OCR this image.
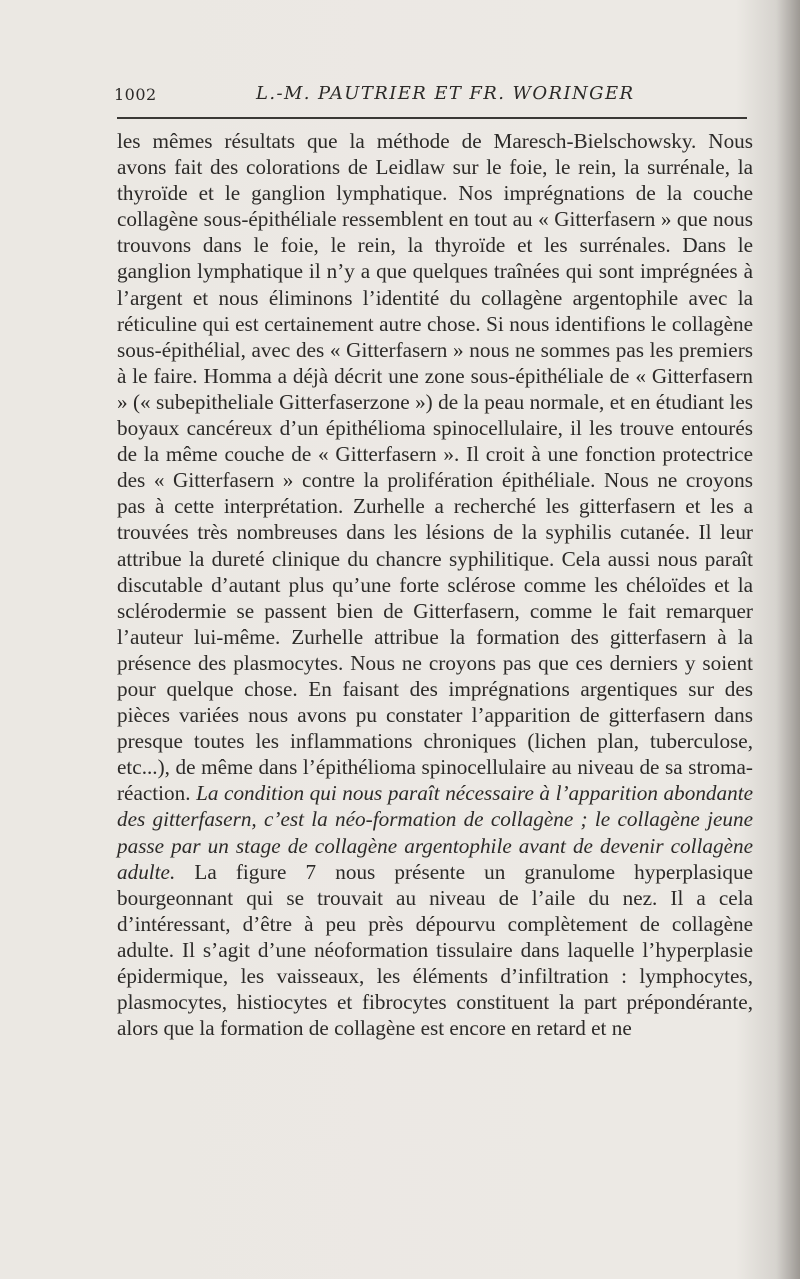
1002	L.-M. PAUTRIER ET FR. WORINGER

les mêmes résultats que la méthode de Maresch-Bielschowsky. Nous avons fait des colorations de Leidlaw sur le foie, le rein, la surrénale, la thyroïde et le ganglion lymphatique. Nos imprégnations de la couche collagène sous-épithéliale ressemblent en tout au « Gitterfasern » que nous trouvons dans le foie, le rein, la thyroïde et les surrénales. Dans le ganglion lymphatique il n’y a que quelques traînées qui sont imprégnées à l’argent et nous éliminons l’identité du collagène argentophile avec la réticuline qui est certainement autre chose. Si nous identifions le collagène sous-épithélial, avec des « Gitterfasern » nous ne sommes pas les premiers à le faire. Homma a déjà décrit une zone sous-épithéliale de « Gitterfasern » (« subepitheliale Gitterfaserzone ») de la peau normale, et en étudiant les boyaux cancéreux d’un épithélioma spinocellulaire, il les trouve entourés de la même couche de « Gitterfasern ». Il croit à une fonction protectrice des « Gitterfasern » contre la prolifération épithéliale. Nous ne croyons pas à cette interprétation. Zurhelle a recherché les gitterfasern et les a trouvées très nombreuses dans les lésions de la syphilis cutanée. Il leur attribue la dureté clinique du chancre syphilitique. Cela aussi nous paraît discutable d’autant plus qu’une forte sclérose comme les chéloïdes et la sclérodermie se passent bien de Gitterfasern, comme le fait remarquer l’auteur lui-même. Zurhelle attribue la formation des gitterfasern à la présence des plasmocytes. Nous ne croyons pas que ces derniers y soient pour quelque chose. En faisant des imprégnations argentiques sur des pièces variées nous avons pu constater l’apparition de gitterfasern dans presque toutes les inflammations chroniques (lichen plan, tuberculose, etc...), de même dans l’épithélioma spinocellulaire au niveau de sa stroma-réaction. La condition qui nous paraît nécessaire à l’apparition abondante des gitterfasern, c’est la néo-formation de collagène ; le collagène jeune passe par un stage de collagène argentophile avant de devenir collagène adulte. La figure 7 nous présente un granulome hyperplasique bourgeonnant qui se trouvait au niveau de l’aile du nez. Il a cela d’intéressant, d’être à peu près dépourvu complètement de collagène adulte. Il s’agit d’une néoformation tissulaire dans laquelle l’hyperplasie épidermique, les vaisseaux, les éléments d’infiltration : lymphocytes, plasmocytes, histiocytes et fibrocytes constituent la part prépondérante, alors que la formation de collagène est encore en retard et ne
